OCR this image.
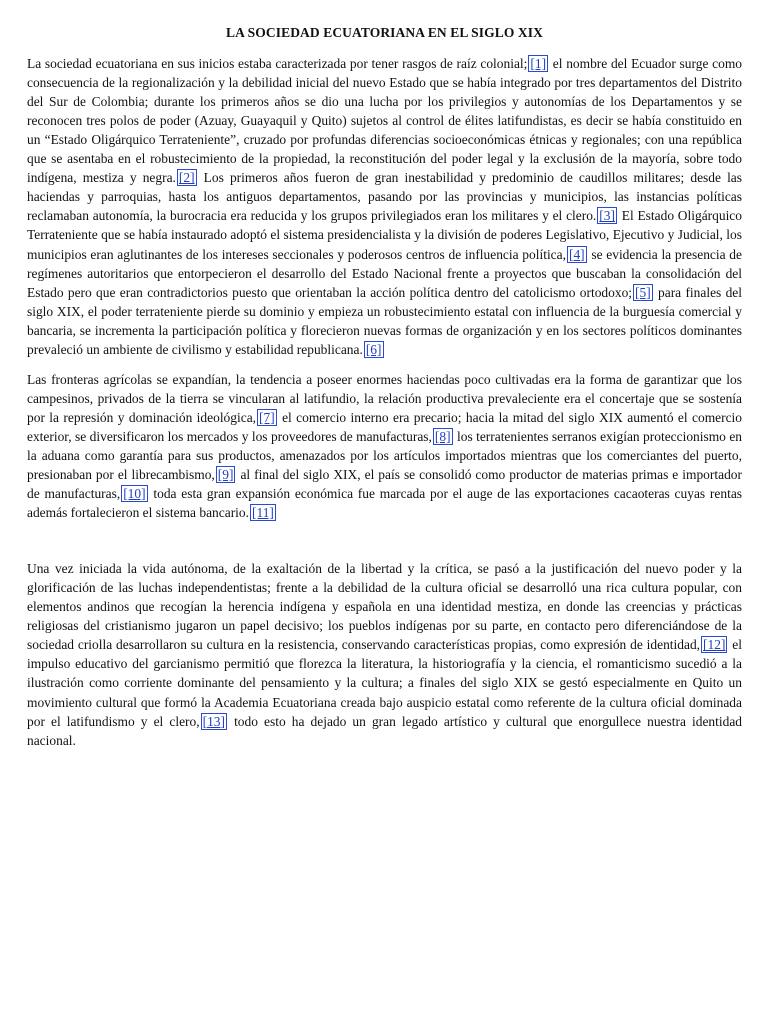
LA SOCIEDAD ECUATORIANA EN EL SIGLO XIX

La sociedad ecuatoriana en sus inicios estaba caracterizada por tener rasgos de raíz colonial; [1] el nombre del Ecuador surge como consecuencia de la regionalización y la debilidad inicial del nuevo Estado que se había integrado por tres departamentos del Distrito del Sur de Colombia; durante los primeros años se dio una lucha por los privilegios y autonomías de los Departamentos y se reconocen tres polos de poder (Azuay, Guayaquil y Quito) sujetos al control de élites latifundistas, es decir se había constituido en un “Estado Oligárquico Terrateniente”, cruzado por profundas diferencias socioeconómicas étnicas y regionales; con una república que se asentaba en el robustecimiento de la propiedad, la reconstitución del poder legal y la exclusión de la mayoría, sobre todo indígena, mestiza y negra. [2] Los primeros años fueron de gran inestabilidad y predominio de caudillos militares; desde las haciendas y parroquias, hasta los antiguos departamentos, pasando por las provincias y municipios, las instancias políticas reclamaban autonomía, la burocracia era reducida y los grupos privilegiados eran los militares y el clero. [3] El Estado Oligárquico Terrateniente que se había instaurado adoptó el sistema presidencialista y la división de poderes Legislativo, Ejecutivo y Judicial, los municipios eran aglutinantes de los intereses seccionales y poderosos centros de influencia política, [4] se evidencia la presencia de regímenes autoritarios que entorpecieron el desarrollo del Estado Nacional frente a proyectos que buscaban la consolidación del Estado pero que eran contradictorios puesto que orientaban la acción política dentro del catolicismo ortodoxo; [5] para finales del siglo XIX, el poder terrateniente pierde su dominio y empieza un robustecimiento estatal con influencia de la burguesía comercial y bancaria, se incrementa la participación política y florecieron nuevas formas de organización y en los sectores políticos dominantes prevaleció un ambiente de civilismo y estabilidad republicana. [6]

Las fronteras agrícolas se expandían, la tendencia a poseer enormes haciendas poco cultivadas era la forma de garantizar que los campesinos, privados de la tierra se vincularan al latifundio, la relación productiva prevaleciente era el concertaje que se sostenía por la represión y dominación ideológica, [7] el comercio interno era precario; hacia la mitad del siglo XIX aumentó el comercio exterior, se diversificaron los mercados y los proveedores de manufacturas, [8] los terratenientes serranos exigían proteccionismo en la aduana como garantía para sus productos, amenazados por los artículos importados mientras que los comerciantes del puerto, presionaban por el librecambismo, [9] al final del siglo XIX, el país se consolidó como productor de materias primas e importador de manufacturas, [10] toda esta gran expansión económica fue marcada por el auge de las exportaciones cacaoteras cuyas rentas además fortalecieron el sistema bancario. [11]

Una vez iniciada la vida autónoma, de la exaltación de la libertad y la crítica, se pasó a la justificación del nuevo poder y la glorificación de las luchas independentistas; frente a la debilidad de la cultura oficial se desarrolló una rica cultura popular, con elementos andinos que recogían la herencia indígena y española en una identidad mestiza, en donde las creencias y prácticas religiosas del cristianismo jugaron un papel decisivo; los pueblos indígenas por su parte, en contacto pero diferenciándose de la sociedad criolla desarrollaron su cultura en la resistencia, conservando características propias, como expresión de identidad, [12] el impulso educativo del garcianismo permitió que florezca la literatura, la historiografía y la ciencia, el romanticismo sucedió a la ilustración como corriente dominante del pensamiento y la cultura; a finales del siglo XIX se gestó especialmente en Quito un movimiento cultural que formó la Academia Ecuatoriana creada bajo auspicio estatal como referente de la cultura oficial dominada por el latifundismo y el clero, [13] todo esto ha dejado un gran legado artístico y cultural que enorgullece nuestra identidad nacional.
